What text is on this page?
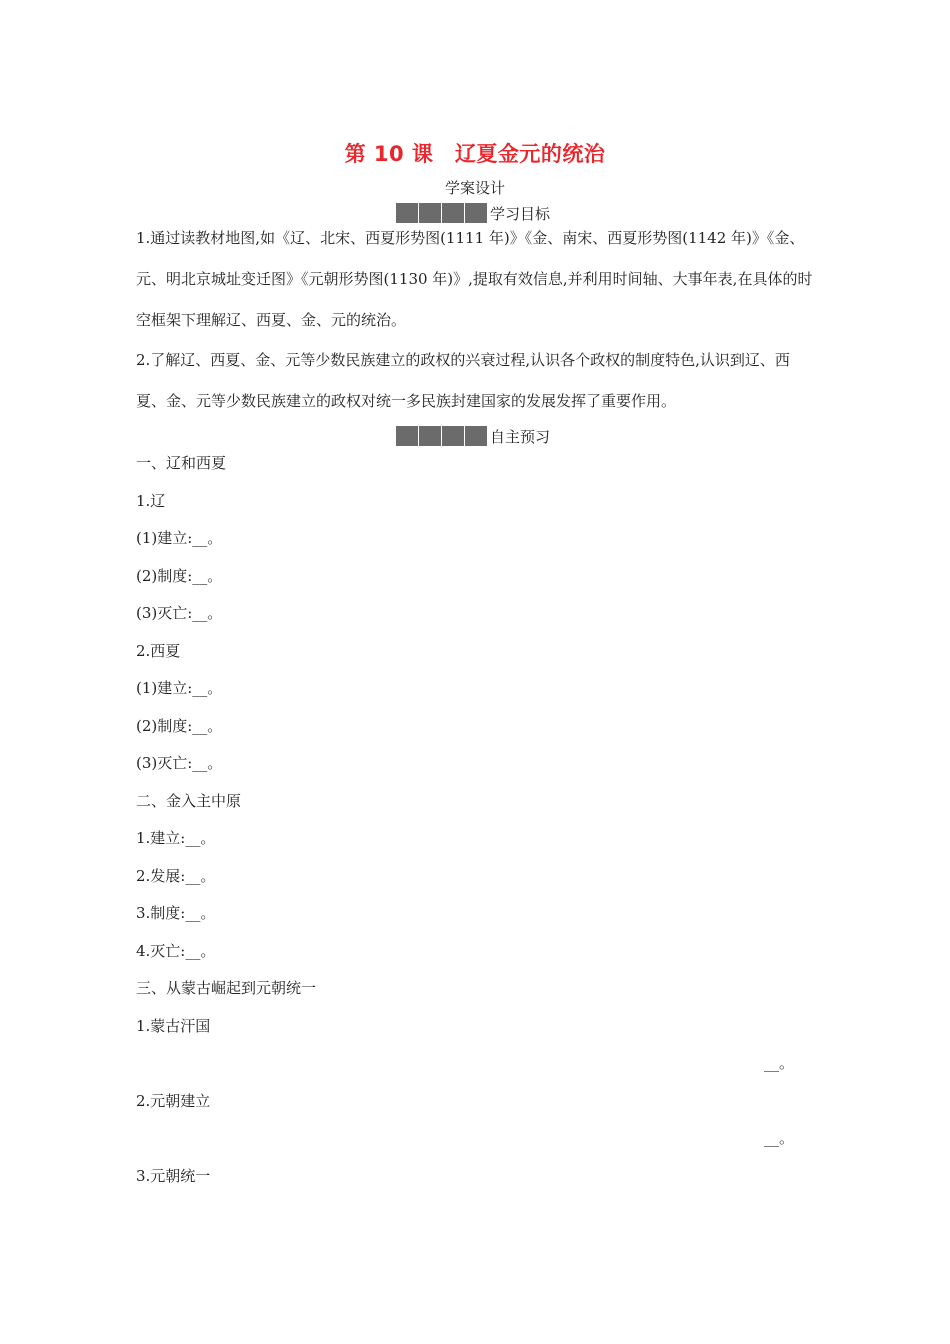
第 10 课　辽夏金元的统治
学案设计
学习目标
1.通过读教材地图,如《辽、北宋、西夏形势图(1111 年)》《金、南宋、西夏形势图(1142 年)》《金、元、明北京城址变迁图》《元朝形势图(1130 年)》,提取有效信息,并利用时间轴、大事年表,在具体的时空框架下理解辽、西夏、金、元的统治。
2.了解辽、西夏、金、元等少数民族建立的政权的兴衰过程,认识各个政权的制度特色,认识到辽、西夏、金、元等少数民族建立的政权对统一多民族封建国家的发展发挥了重要作用。
自主预习
一、辽和西夏
1.辽
(1)建立:__。
(2)制度:__。
(3)灭亡:__。
2.西夏
(1)建立:__。
(2)制度:__。
(3)灭亡:__。
二、金入主中原
1.建立:__。
2.发展:__。
3.制度:__。
4.灭亡:__。
三、从蒙古崛起到元朝统一
1.蒙古汗国
__。
2.元朝建立
__。
3.元朝统一
